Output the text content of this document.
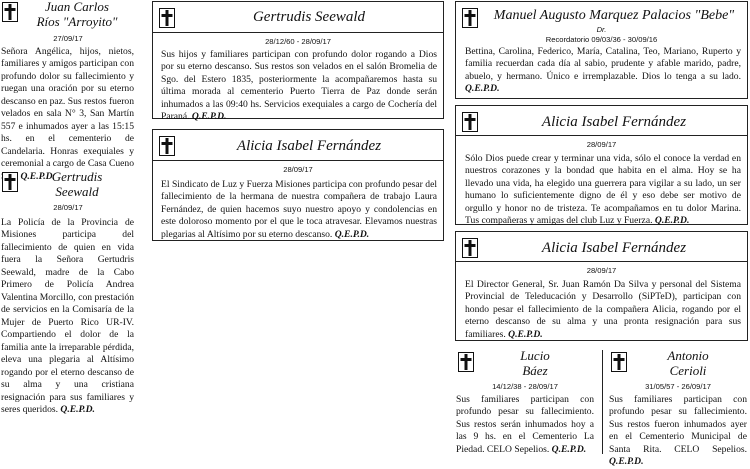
Juan Carlos
Ríos "Arroyito"
27/09/17
Señora Angélica, hijos, nietos, familiares y amigos participan con profundo dolor su fallecimiento y ruegan una oración por su eterno descanso en paz. Sus restos fueron velados en sala N° 3, San Martín 557 e inhumados ayer a las 15:15 hs. en el cementerio de Candelaria. Honras exequiales y ceremonial a cargo de Casa Cueno Q.E.P.D.
Gertrudis
Seewald
28/09/17
La Policía de la Provincia de Misiones participa del fallecimiento de quien en vida fuera la Señora Gertudris Seewald, madre de la Cabo Primero de Policía Andrea Valentina Morcillo, con prestación de servicios en la Comisaría de la Mujer de Puerto Rico UR-IV. Compartiendo el dolor de la familia ante la irreparable pérdida, eleva una plegaria al Altísimo rogando por el eterno descanso de su alma y una cristiana resignación para sus familiares y seres queridos. Q.E.P.D.
Gertrudis Seewald
28/12/60 - 28/09/17
Sus hijos y familiares participan con profundo dolor rogando a Dios por su eterno descanso. Sus restos son velados en el salón Bromelia de Sgo. del Estero 1835, posteriormente la acompañaremos hasta su última morada al cementerio Puerto Tierra de Paz donde serán inhumados a las 09:40 hs. Servicios exequiales a cargo de Cochería del Paraná. Q.E.P.D.
Alicia Isabel Fernández
28/09/17
El Sindicato de Luz y Fuerza Misiones participa con profundo pesar del fallecimiento de la hermana de nuestra compañera de trabajo Laura Fernández, de quien hacemos suyo nuestro apoyo y condolencias en este doloroso momento por el que le toca atravesar. Elevamos nuestras plegarias al Altísimo por su eterno descanso. Q.E.P.D.
Manuel Augusto Marquez Palacios "Bebe"
Dr.
Recordatorio 09/03/36 - 30/09/16
Bettina, Carolina, Federico, María, Catalina, Teo, Mariano, Ruperto y familia recuerdan cada día al sabio, prudente y afable marido, padre, abuelo, y hermano. Único e irremplazable. Dios lo tenga a su lado. Q.E.P.D.
Alicia Isabel Fernández
28/09/17
Sólo Dios puede crear y terminar una vida, sólo el conoce la verdad en nuestros corazones y la bondad que habita en el alma. Hoy se ha llevado una vida, ha elegido una guerrera para vigilar a su lado, un ser humano lo suficientemente digno de él y eso debe ser motivo de orgullo y honor no de tristeza. Te acompañamos en tu dolor Marina. Tus compañeras y amigas del club Luz y Fuerza. Q.E.P.D.
Alicia Isabel Fernández
28/09/17
El Director General, Sr. Juan Ramón Da Silva y personal del Sistema Provincial de Teleducación y Desarrollo (SiPTeD), participan con hondo pesar el fallecimiento de la compañera Alicia, rogando por el eterno descanso de su alma y una pronta resignación para sus familiares. Q.E.P.D.
Lucio
Báez
14/12/38 - 28/09/17
Sus familiares participan con profundo pesar su fallecimiento. Sus restos serán inhumados hoy a las 9 hs. en el Cementerio La Piedad. CELO Sepelios. Q.E.P.D.
Antonio
Cerioli
31/05/57 - 26/09/17
Sus familiares participan con profundo pesar su fallecimiento. Sus restos fueron inhumados ayer en el Cementerio Municipal de Santa Rita. CELO Sepelios. Q.E.P.D.
